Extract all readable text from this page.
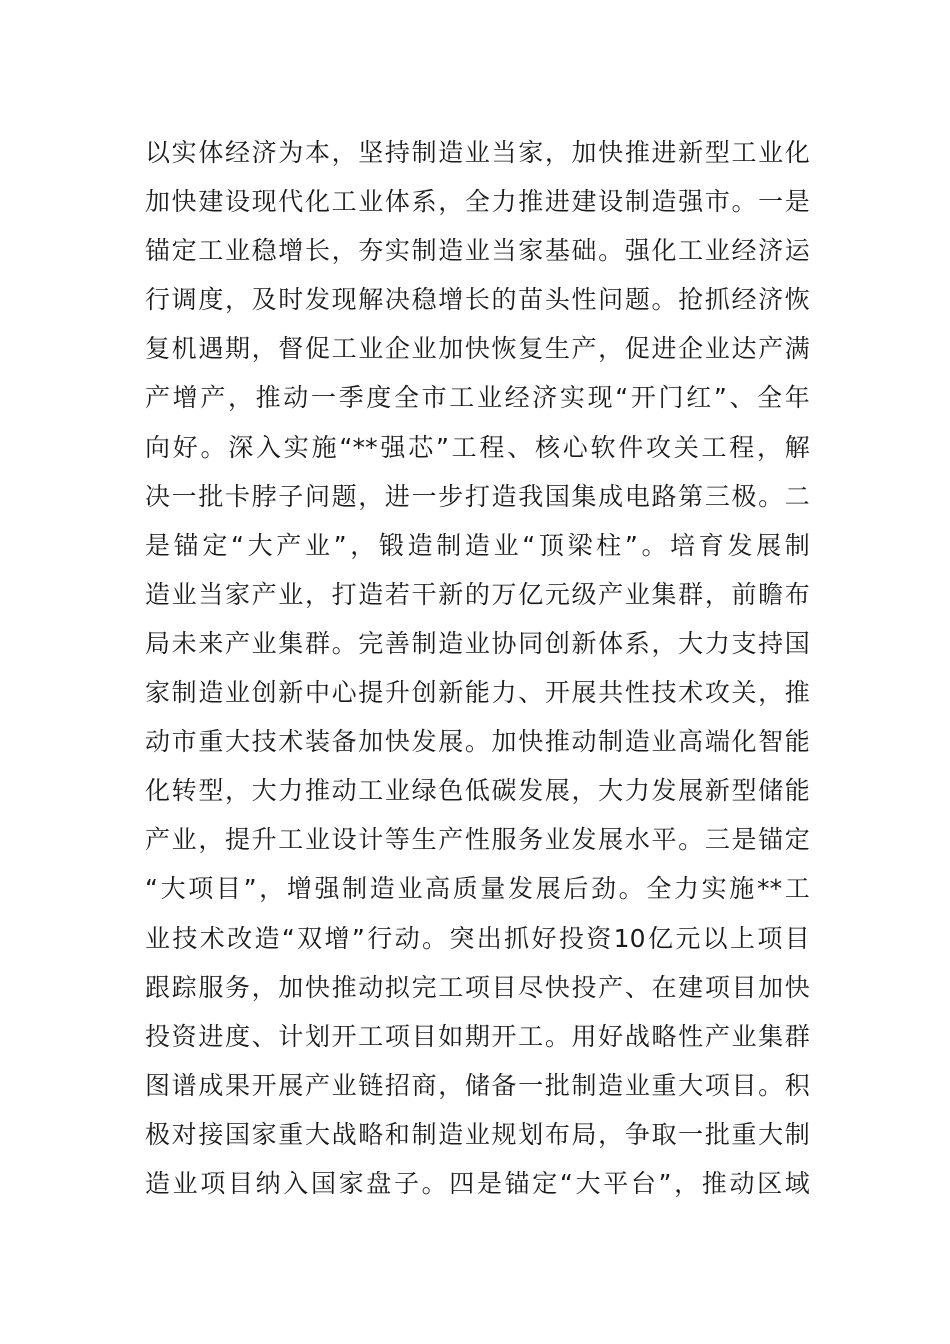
以实体经济为本，坚持制造业当家，加快推进新型工业化
加快建设现代化工业体系，全力推进建设制造强市。一是
锚定工业稳增长，夯实制造业当家基础。强化工业经济运
行调度，及时发现解决稳增长的苗头性问题。抢抓经济恢
复机遇期，督促工业企业加快恢复生产，促进企业达产满
产增产，推动一季度全市工业经济实现“开门红”、全年
向好。深入实施“**强芯”工程、核心软件攻关工程，解
决一批卡脖子问题，进一步打造我国集成电路第三极。二
是锚定“大产业”，锻造制造业“顶梁柱”。培育发展制
造业当家产业，打造若干新的万亿元级产业集群，前瞻布
局未来产业集群。完善制造业协同创新体系，大力支持国
家制造业创新中心提升创新能力、开展共性技术攻关，推
动市重大技术装备加快发展。加快推动制造业高端化智能
化转型，大力推动工业绿色低碳发展，大力发展新型储能
产业，提升工业设计等生产性服务业发展水平。三是锚定
“大项目”，增强制造业高质量发展后劲。全力实施**工
业技术改造“双增”行动。突出抓好投资10亿元以上项目
跟踪服务，加快推动拟完工项目尽快投产、在建项目加快
投资进度、计划开工项目如期开工。用好战略性产业集群
图谱成果开展产业链招商，储备一批制造业重大项目。积
极对接国家重大战略和制造业规划布局，争取一批重大制
造业项目纳入国家盘子。四是锚定“大平台”，推动区域
